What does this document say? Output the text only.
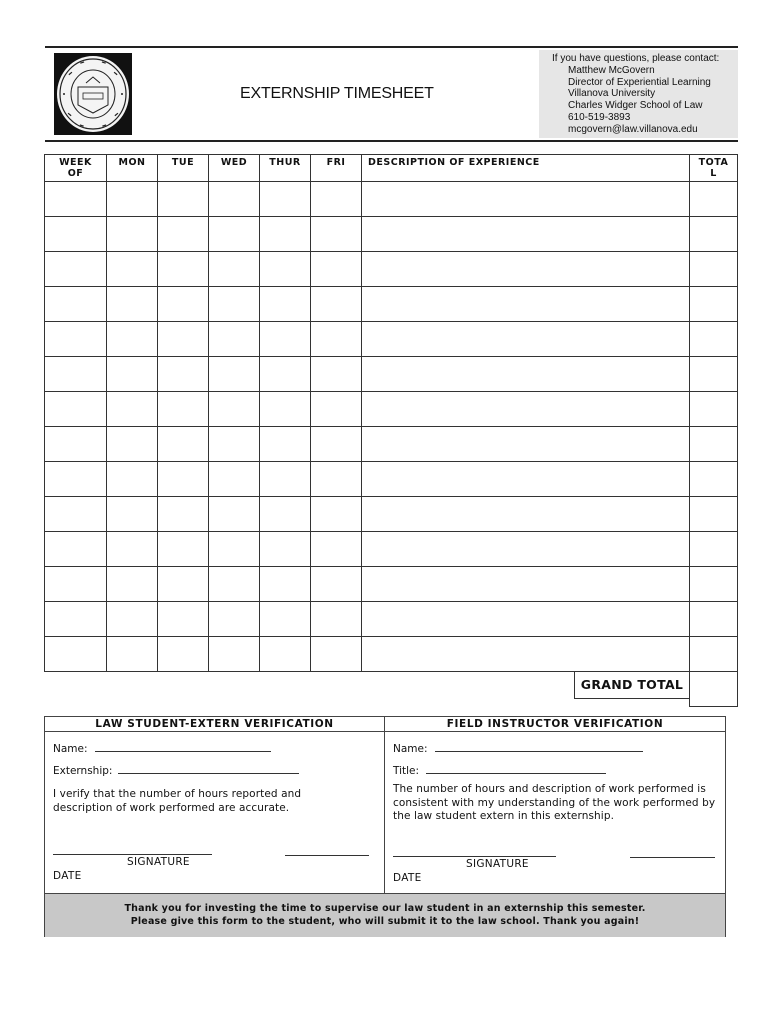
EXTERNSHIP TIMESHEET
If you have questions, please contact:
Matthew McGovern
Director of Experiential Learning
Villanova University
Charles Widger School of Law
610-519-3893
mcgovern@law.villanova.edu
WEEK OF	MON	TUE	WED	THUR	FRI	DESCRIPTION OF EXPERIENCE	TOTAL

						GRAND TOTAL	

LAW STUDENT-EXTERN VERIFICATION
Name:
Externship:
I verify that the number of hours reported and description of work performed are accurate.
SIGNATURE
DATE
FIELD INSTRUCTOR VERIFICATION
Name:
Title:
The number of hours and description of work performed is consistent with my understanding of the work performed by the law student extern in this externship.
SIGNATURE
DATE
Thank you for investing the time to supervise our law student in an externship this semester.
Please give this form to the student, who will submit it to the law school. Thank you again!
